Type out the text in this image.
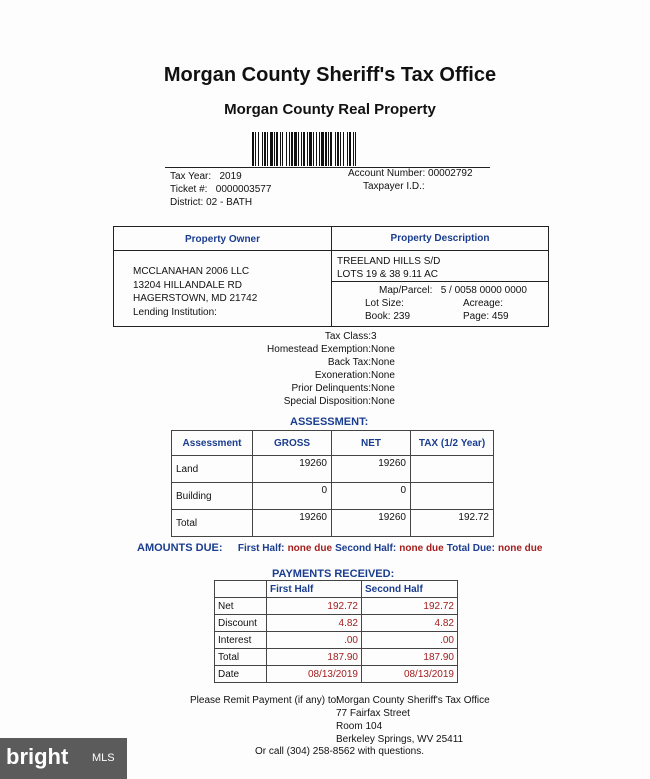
Morgan County Sheriff's Tax Office
Morgan County Real Property
Tax Year: 2019
Ticket #: 0000003577
District: 02 - BATH
Account Number: 00002792
Taxpayer I.D.:
Property Owner	Property Description
MCCLANAHAN 2006 LLC
13204 HILLANDALE RD
HAGERSTOWN, MD 21742
Lending Institution:
TREELAND HILLS S/D
LOTS 19 & 38 9.11 AC
Map/Parcel: 5 / 0058 0000 0000
Lot Size:	Acreage:
Book: 239	Page: 459
Tax Class: 3
Homestead Exemption: None
Back Tax: None
Exoneration: None
Prior Delinquents: None
Special Disposition: None
ASSESSMENT:
Assessment	GROSS	NET	TAX (1/2 Year)
Land	19260	19260	
Building	0	0	
Total	19260	19260	192.72
AMOUNTS DUE: First Half: none due Second Half: none due Total Due: none due
PAYMENTS RECEIVED:
	First Half	Second Half
Net	192.72	192.72
Discount	4.82	4.82
Interest	.00	.00
Total	187.90	187.90
Date	08/13/2019	08/13/2019
Please Remit Payment (if any) to:
Morgan County Sheriff's Tax Office
77 Fairfax Street
Room 104
Berkeley Springs, WV 25411
Or call (304) 258-8562 with questions.
bright MLS
